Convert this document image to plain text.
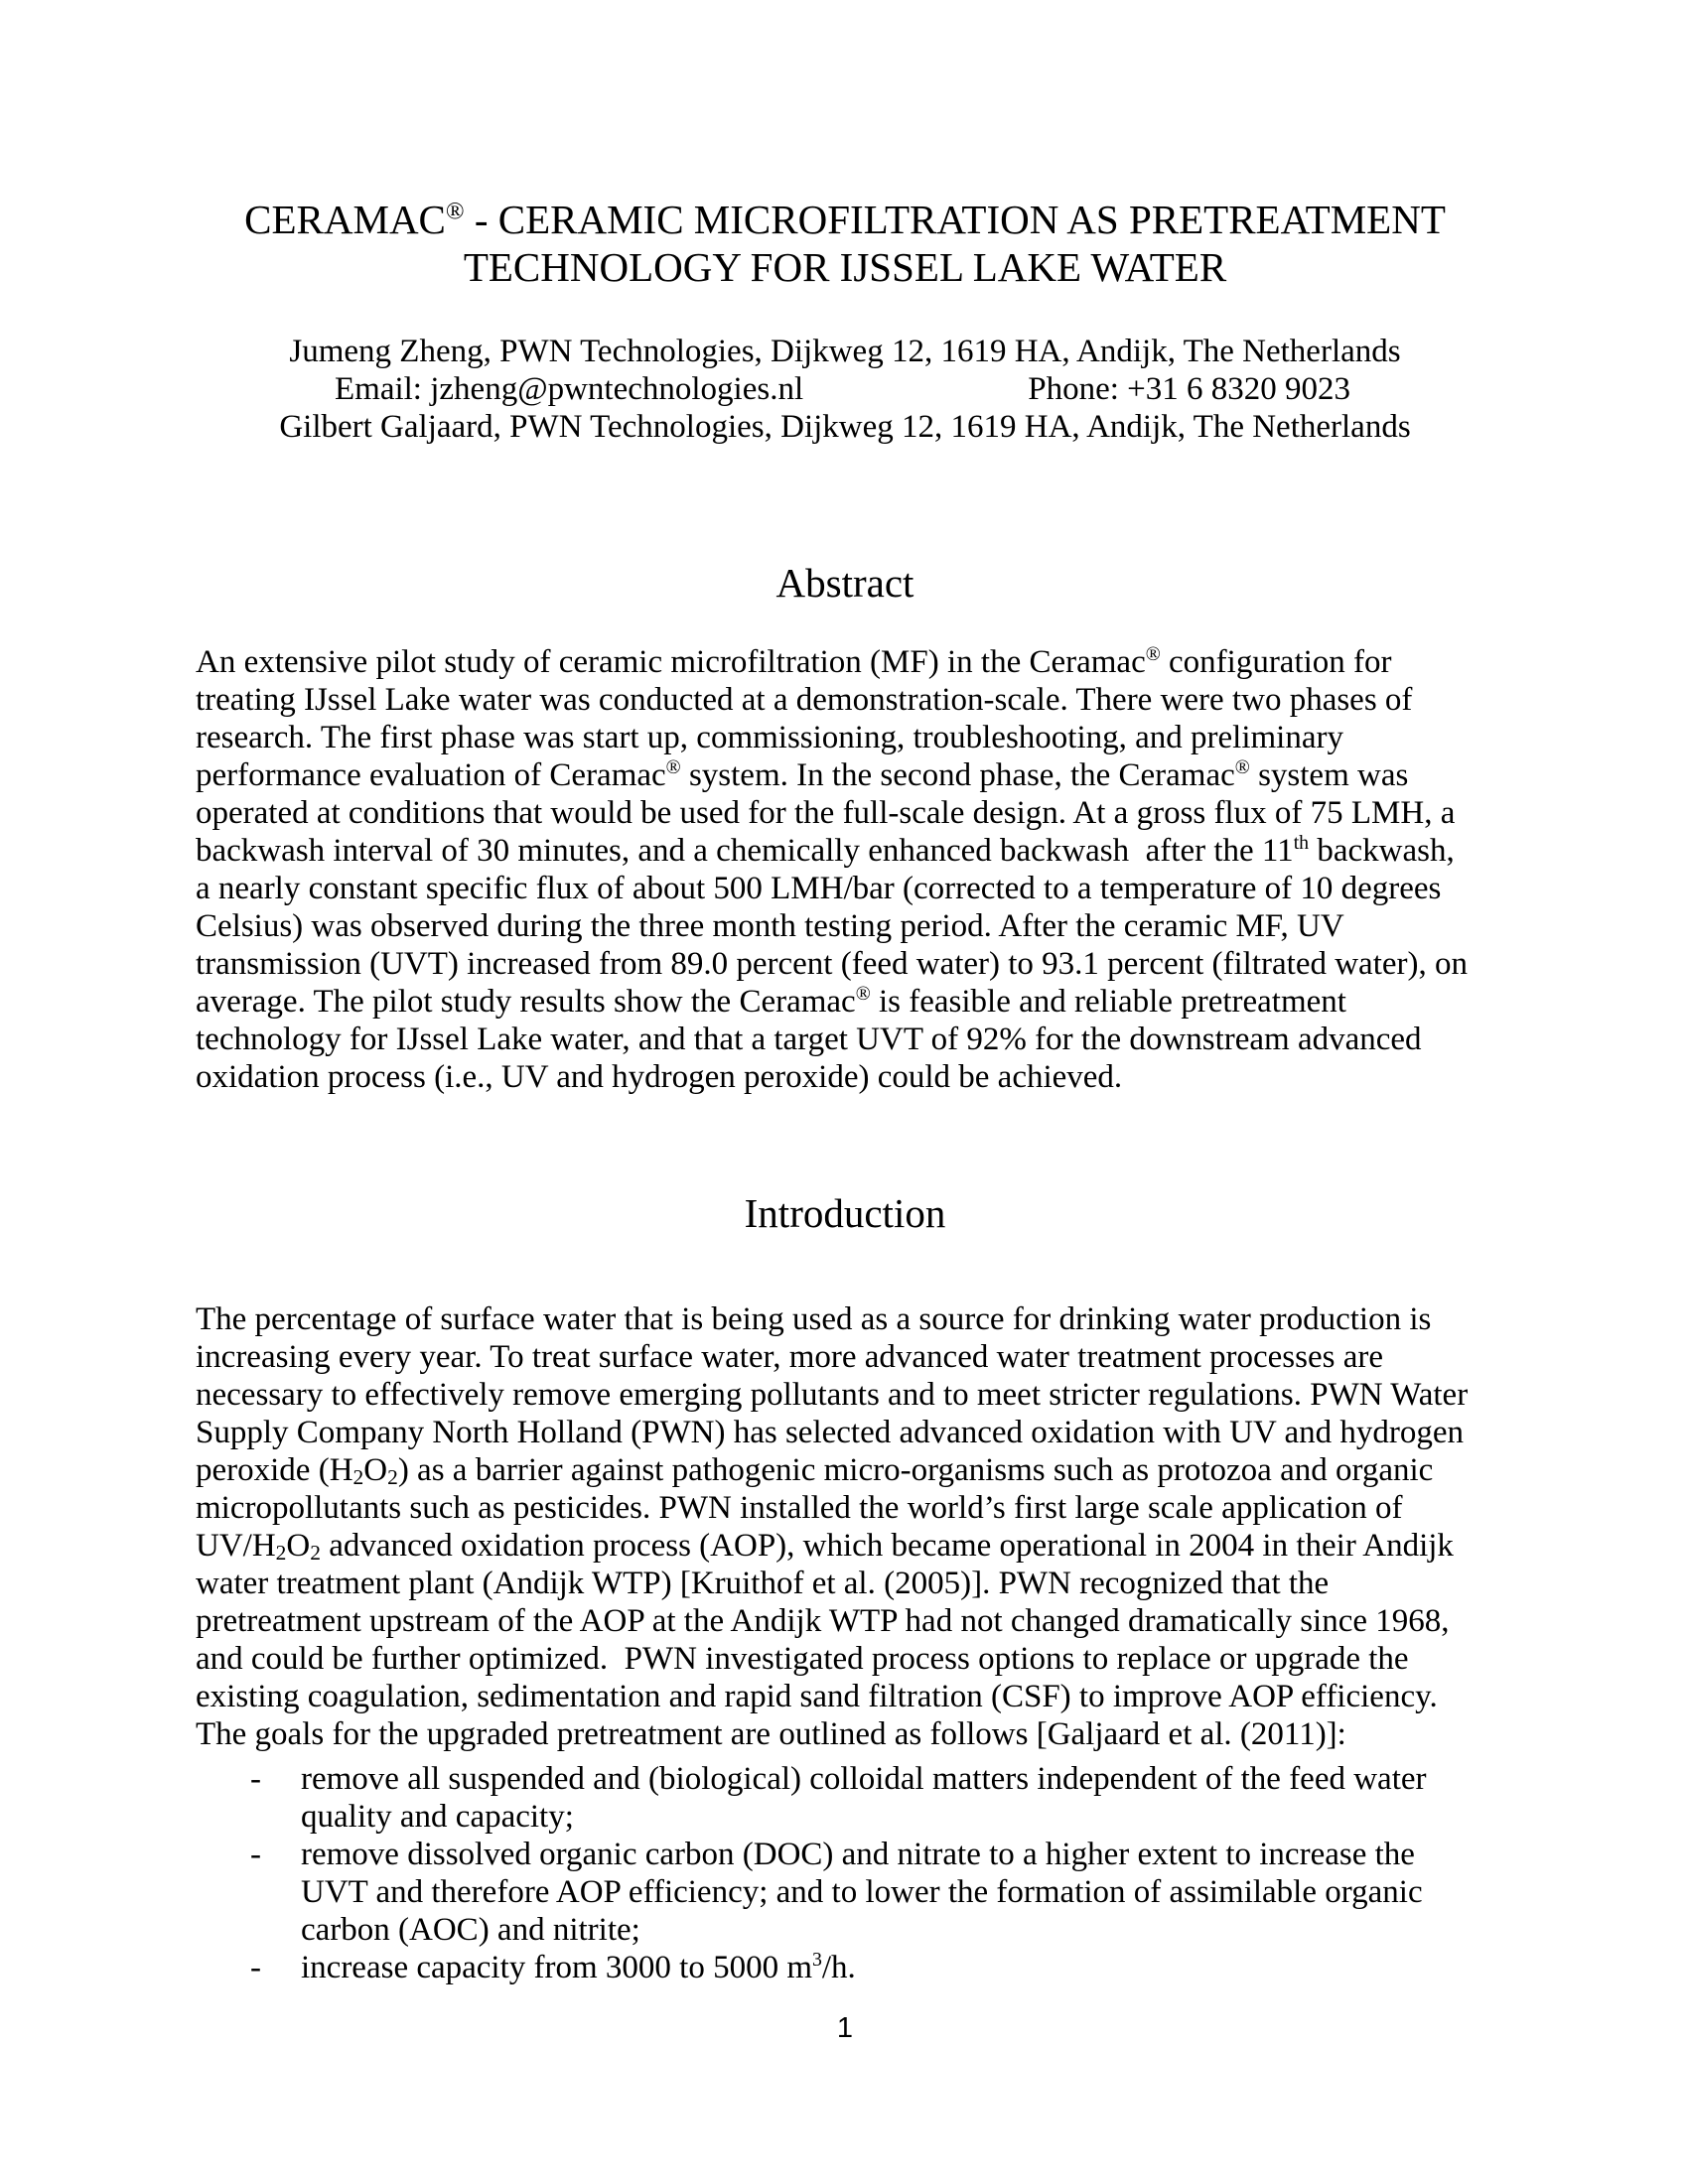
CERAMAC® - CERAMIC MICROFILTRATION AS PRETREATMENT
TECHNOLOGY FOR IJSSEL LAKE WATER
Jumeng Zheng, PWN Technologies, Dijkweg 12, 1619 HA, Andijk, The Netherlands
Email: jzheng@pwntechnologies.nl	Phone: +31 6 8320 9023
Gilbert Galjaard, PWN Technologies, Dijkweg 12, 1619 HA, Andijk, The Netherlands
Abstract
An extensive pilot study of ceramic microfiltration (MF) in the Ceramac® configuration for
treating IJssel Lake water was conducted at a demonstration-scale. There were two phases of
research. The first phase was start up, commissioning, troubleshooting, and preliminary
performance evaluation of Ceramac® system. In the second phase, the Ceramac® system was
operated at conditions that would be used for the full-scale design. At a gross flux of 75 LMH, a
backwash interval of 30 minutes, and a chemically enhanced backwash  after the 11th backwash,
a nearly constant specific flux of about 500 LMH/bar (corrected to a temperature of 10 degrees
Celsius) was observed during the three month testing period. After the ceramic MF, UV
transmission (UVT) increased from 89.0 percent (feed water) to 93.1 percent (filtrated water), on
average. The pilot study results show the Ceramac® is feasible and reliable pretreatment
technology for IJssel Lake water, and that a target UVT of 92% for the downstream advanced
oxidation process (i.e., UV and hydrogen peroxide) could be achieved.
Introduction
The percentage of surface water that is being used as a source for drinking water production is
increasing every year. To treat surface water, more advanced water treatment processes are
necessary to effectively remove emerging pollutants and to meet stricter regulations. PWN Water
Supply Company North Holland (PWN) has selected advanced oxidation with UV and hydrogen
peroxide $(H_2O_2)$ as a barrier against pathogenic micro-organisms such as protozoa and organic
micropollutants such as pesticides. PWN installed the world’s first large scale application of
$UV/H_2O_2$ advanced oxidation process (AOP), which became operational in 2004 in their Andijk
water treatment plant (Andijk WTP) [Kruithof et al. (2005)]. PWN recognized that the
pretreatment upstream of the AOP at the Andijk WTP had not changed dramatically since 1968,
and could be further optimized.  PWN investigated process options to replace or upgrade the
existing coagulation, sedimentation and rapid sand filtration (CSF) to improve AOP efficiency.
The goals for the upgraded pretreatment are outlined as follows [Galjaard et al. (2011)]:
- remove all suspended and (biological) colloidal matters independent of the feed water
quality and capacity;
- remove dissolved organic carbon (DOC) and nitrate to a higher extent to increase the
UVT and therefore AOP efficiency; and to lower the formation of assimilable organic
carbon (AOC) and nitrite;
- increase capacity from 3000 to 5000 $m^3/h$.
1
